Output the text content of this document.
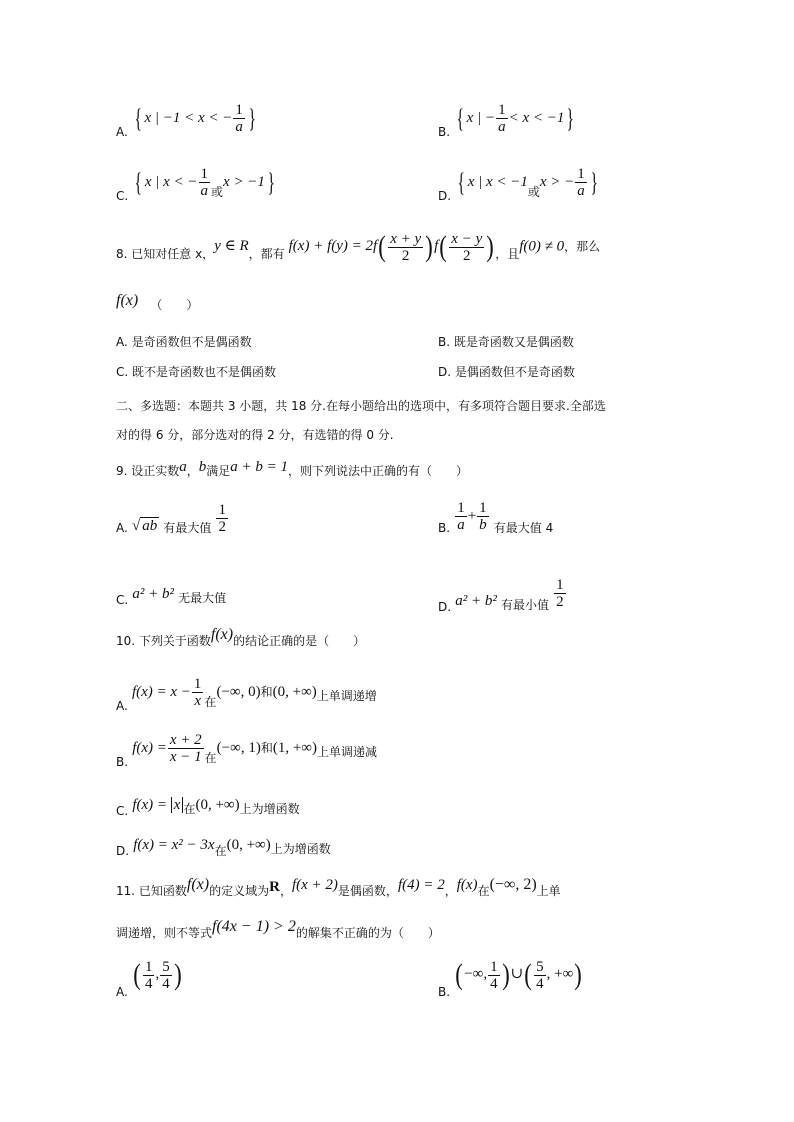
A. { x | −1 < x < − $\frac{1}{a}$ }	B. { x | − $\frac{1}{a} < x < -1$}
C. { x | x < − $\frac{1}{a}$ 或x > −1}	D. { x | x < −1或x > − $\frac{1}{a}$ }
8. 已知对任意 x，y ∈ R，都有 $f(x) + f(y) = 2f( \frac{x + y}{2} )f( \frac{x - y}{2}$ )，且f(0) ≠ 0，那么
f(x) （　　）
A. 是奇函数但不是偶函数	B. 既是奇函数又是偶函数
C. 既不是奇函数也不是偶函数	D. 是偶函数但不是奇函数
二、多选题：本题共 3 小题，共 18 分.在每小题给出的选项中，有多项符合题目要求.全部选
对的得 6 分，部分选对的得 2 分，有选错的得 0 分.
9. 设正实数a，b满足a + b = 1，则下列说法中正确的有（　　）
A. √ ab 有最大值 $\frac{1}{2}$	B. $\frac{1}{a} + \frac{1}{b}$ 有最大值 4
C. a² + b² 无最大值
D. a² + b² 有最小值 $\frac{1}{2}$
10. 下列关于函数f(x)的结论正确的是（　　）
A. $f(x) = x - \frac{1}{x}$ 在(−∞, 0)和(0, +∞)上单调递增
B. $f(x) = \frac{x + 2}{x - 1}$ 在(−∞, 1)和(1, +∞)上单调递减
C. f(x) = x 在(0, +∞)上为增函数
D. f(x) = x² − 3x在(0, +∞)上为增函数
11. 已知函数f(x)的定义域为R，f(x + 2)是偶函数，f(4) = 2，f(x)在(−∞, 2)上单
调递增，则不等式f(4x − 1) > 2的解集不正确的为（　　）
A. ( $\frac{1}{4}$ , $\frac{5}{4}$ )
B. (−∞, $\frac{1}{4}$ )∪( $\frac{5}{4}$ , +∞)
